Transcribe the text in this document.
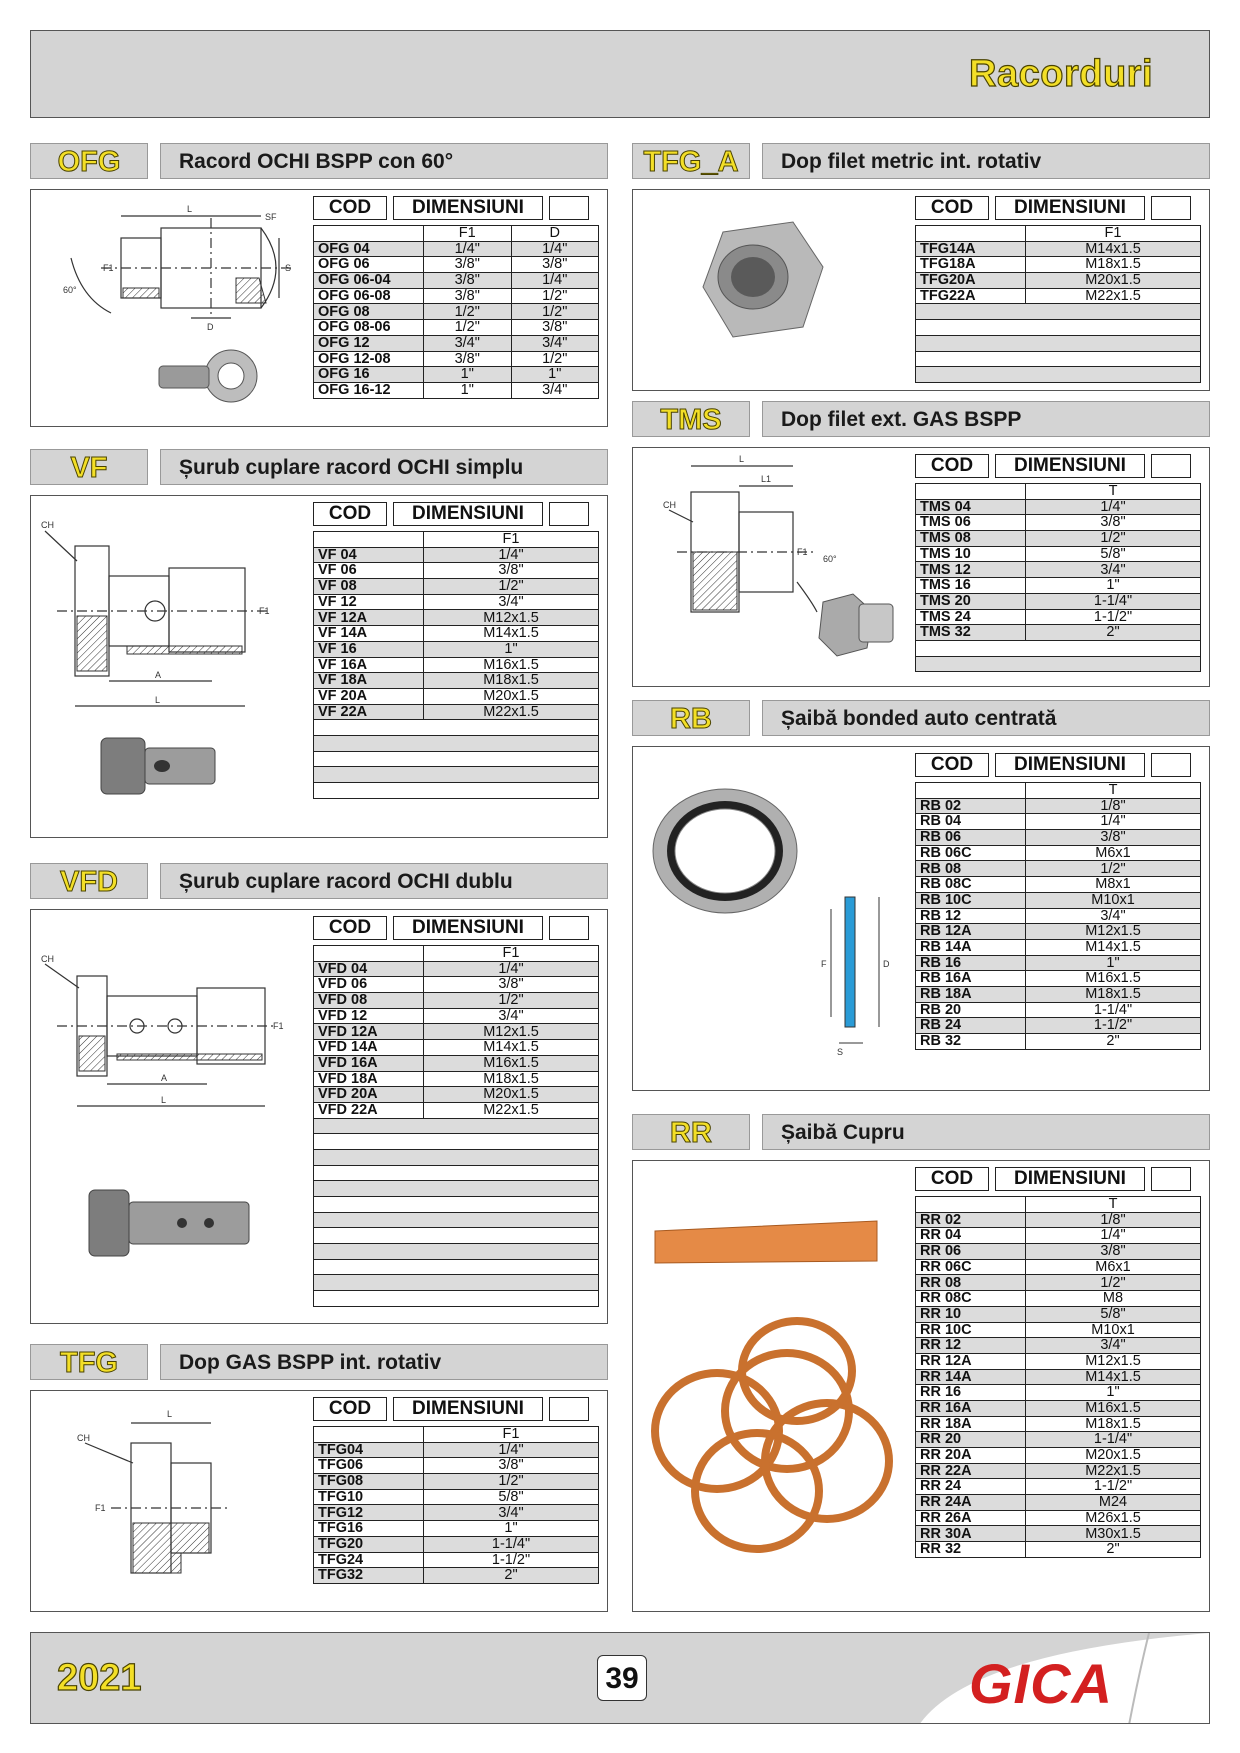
Racorduri
OFG	Racord OCHI BSPP con 60°
L
SF
F1	S
D
60°
COD	DIMENSIUNI
	F1	D
OFG 04	1/4"	1/4"
OFG 06	3/8"	3/8"
OFG 06-04	3/8"	1/4"
OFG 06-08	3/8"	1/2"
OFG 08	1/2"	1/2"
OFG 08-06	1/2"	3/8"
OFG 12	3/4"	3/4"
OFG 12-08	3/8"	1/2"
OFG 16	1"	1"
OFG 16-12	1"	3/4"
VF	Șurub cuplare racord OCHI simplu
CH
F1
A
L
COD	DIMENSIUNI
	F1
VF 04	1/4"
VF 06	3/8"
VF 08	1/2"
VF 12	3/4"
VF 12A	M12x1.5
VF 14A	M14x1.5
VF 16	1"
VF 16A	M16x1.5
VF 18A	M18x1.5
VF 20A	M20x1.5
VF 22A	M22x1.5

VFD	Șurub cuplare racord OCHI dublu
CH
F1
A
L
COD	DIMENSIUNI
	F1
VFD 04	1/4"
VFD 06	3/8"
VFD 08	1/2"
VFD 12	3/4"
VFD 12A	M12x1.5
VFD 14A	M14x1.5
VFD 16A	M16x1.5
VFD 18A	M18x1.5
VFD 20A	M20x1.5
VFD 22A	M22x1.5

TFG	Dop GAS BSPP int. rotativ
L
CH
F1
COD	DIMENSIUNI
	F1
TFG04	1/4"
TFG06	3/8"
TFG08	1/2"
TFG10	5/8"
TFG12	3/4"
TFG16	1"
TFG20	1-1/4"
TFG24	1-1/2"
TFG32	2"
TFG_A	Dop filet metric int. rotativ
COD	DIMENSIUNI
	F1
TFG14A	M14x1.5
TFG18A	M18x1.5
TFG20A	M20x1.5
TFG22A	M22x1.5

TMS	Dop filet ext. GAS BSPP
L
L1
CH
F1
60°
COD	DIMENSIUNI
	T
TMS 04	1/4"
TMS 06	3/8"
TMS 08	1/2"
TMS 10	5/8"
TMS 12	3/4"
TMS 16	1"
TMS 20	1-1/4"
TMS 24	1-1/2"
TMS 32	2"

RB	Șaibă bonded auto centrată
F	D
S
COD	DIMENSIUNI
	T
RB 02	1/8"
RB 04	1/4"
RB 06	3/8"
RB 06C	M6x1
RB 08	1/2"
RB 08C	M8x1
RB 10C	M10x1
RB 12	3/4"
RB 12A	M12x1.5
RB 14A	M14x1.5
RB 16	1"
RB 16A	M16x1.5
RB 18A	M18x1.5
RB 20	1-1/4"
RB 24	1-1/2"
RB 32	2"
RR	Șaibă Cupru
COD	DIMENSIUNI
	T
RR 02	1/8"
RR 04	1/4"
RR 06	3/8"
RR 06C	M6x1
RR 08	1/2"
RR 08C	M8
RR 10	5/8"
RR 10C	M10x1
RR 12	3/4"
RR 12A	M12x1.5
RR 14A	M14x1.5
RR 16	1"
RR 16A	M16x1.5
RR 18A	M18x1.5
RR 20	1-1/4"
RR 20A	M20x1.5
RR 22A	M22x1.5
RR 24	1-1/2"
RR 24A	M24
RR 26A	M26x1.5
RR 30A	M30x1.5
RR 32	2"
2021	39	GICA
